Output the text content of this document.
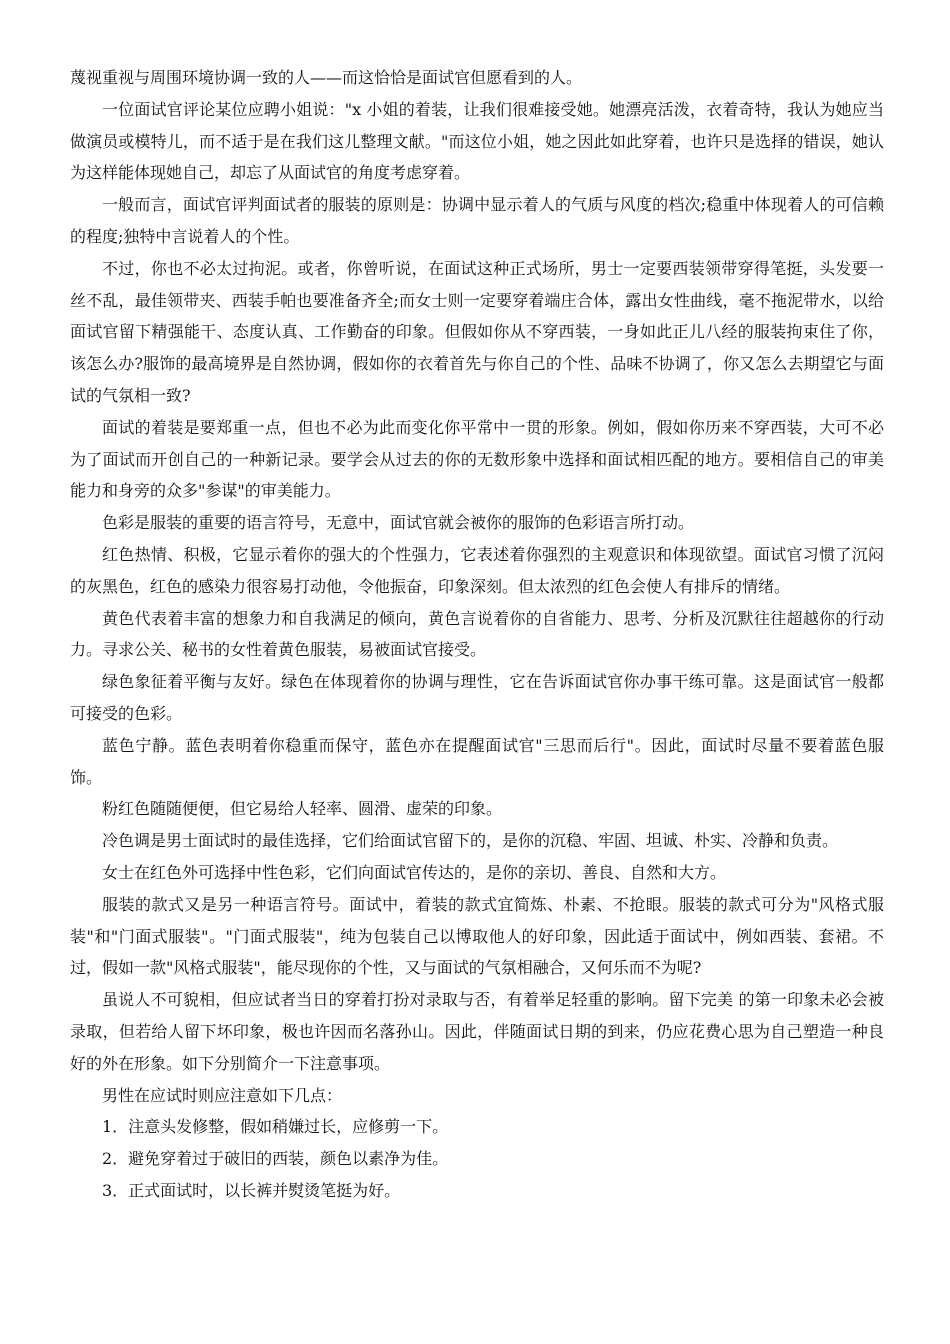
蔑视重视与周围环境协调一致的人——而这恰恰是面试官但愿看到的人。

一位面试官评论某位应聘小姐说："x 小姐的着装，让我们很难接受她。她漂亮活泼，衣着奇特，我认为她应当做演员或模特儿，而不适于是在我们这儿整理文献。"而这位小姐，她之因此如此穿着，也许只是选择的错误，她认为这样能体现她自己，却忘了从面试官的角度考虑穿着。

一般而言，面试官评判面试者的服装的原则是：协调中显示着人的气质与风度的档次;稳重中体现着人的可信赖的程度;独特中言说着人的个性。

不过，你也不必太过拘泥。或者，你曾听说，在面试这种正式场所，男士一定要西装领带穿得笔挺，头发要一丝不乱，最佳领带夹、西装手帕也要准备齐全;而女士则一定要穿着端庄合体，露出女性曲线，毫不拖泥带水，以给面试官留下精强能干、态度认真、工作勤奋的印象。但假如你从不穿西装，一身如此正儿八经的服装拘束住了你，该怎么办?服饰的最高境界是自然协调，假如你的衣着首先与你自己的个性、品味不协调了，你又怎么去期望它与面试的气氛相一致?

面试的着装是要郑重一点，但也不必为此而变化你平常中一贯的形象。例如，假如你历来不穿西装，大可不必为了面试而开创自己的一种新记录。要学会从过去的你的无数形象中选择和面试相匹配的地方。要相信自己的审美能力和身旁的众多"参谋"的审美能力。

色彩是服装的重要的语言符号，无意中，面试官就会被你的服饰的色彩语言所打动。

红色热情、积极，它显示着你的强大的个性强力，它表述着你强烈的主观意识和体现欲望。面试官习惯了沉闷的灰黑色，红色的感染力很容易打动他，令他振奋，印象深刻。但太浓烈的红色会使人有排斥的情绪。

黄色代表着丰富的想象力和自我满足的倾向，黄色言说着你的自省能力、思考、分析及沉默往往超越你的行动力。寻求公关、秘书的女性着黄色服装，易被面试官接受。

绿色象征着平衡与友好。绿色在体现着你的协调与理性，它在告诉面试官你办事干练可靠。这是面试官一般都可接受的色彩。

蓝色宁静。蓝色表明着你稳重而保守，蓝色亦在提醒面试官"三思而后行"。因此，面试时尽量不要着蓝色服饰。

粉红色随随便便，但它易给人轻率、圆滑、虚荣的印象。

冷色调是男士面试时的最佳选择，它们给面试官留下的，是你的沉稳、牢固、坦诚、朴实、冷静和负责。

女士在红色外可选择中性色彩，它们向面试官传达的，是你的亲切、善良、自然和大方。

服装的款式又是另一种语言符号。面试中，着装的款式宜简炼、朴素、不抢眼。服装的款式可分为"风格式服装"和"门面式服装"。"门面式服装"，纯为包装自己以博取他人的好印象，因此适于面试中，例如西装、套裙。不过，假如一款"风格式服装"，能尽现你的个性，又与面试的气氛相融合，又何乐而不为呢?

虽说人不可貌相，但应试者当日的穿着打扮对录取与否，有着举足轻重的影响。留下完美 的第一印象未必会被录取，但若给人留下坏印象，极也许因而名落孙山。因此，伴随面试日期的到来，仍应花费心思为自己塑造一种良好的外在形象。如下分别简介一下注意事项。

男性在应试时则应注意如下几点：

1．注意头发修整，假如稍嫌过长，应修剪一下。

2．避免穿着过于破旧的西装，颜色以素净为佳。

3．正式面试时，以长裤并熨烫笔挺为好。
